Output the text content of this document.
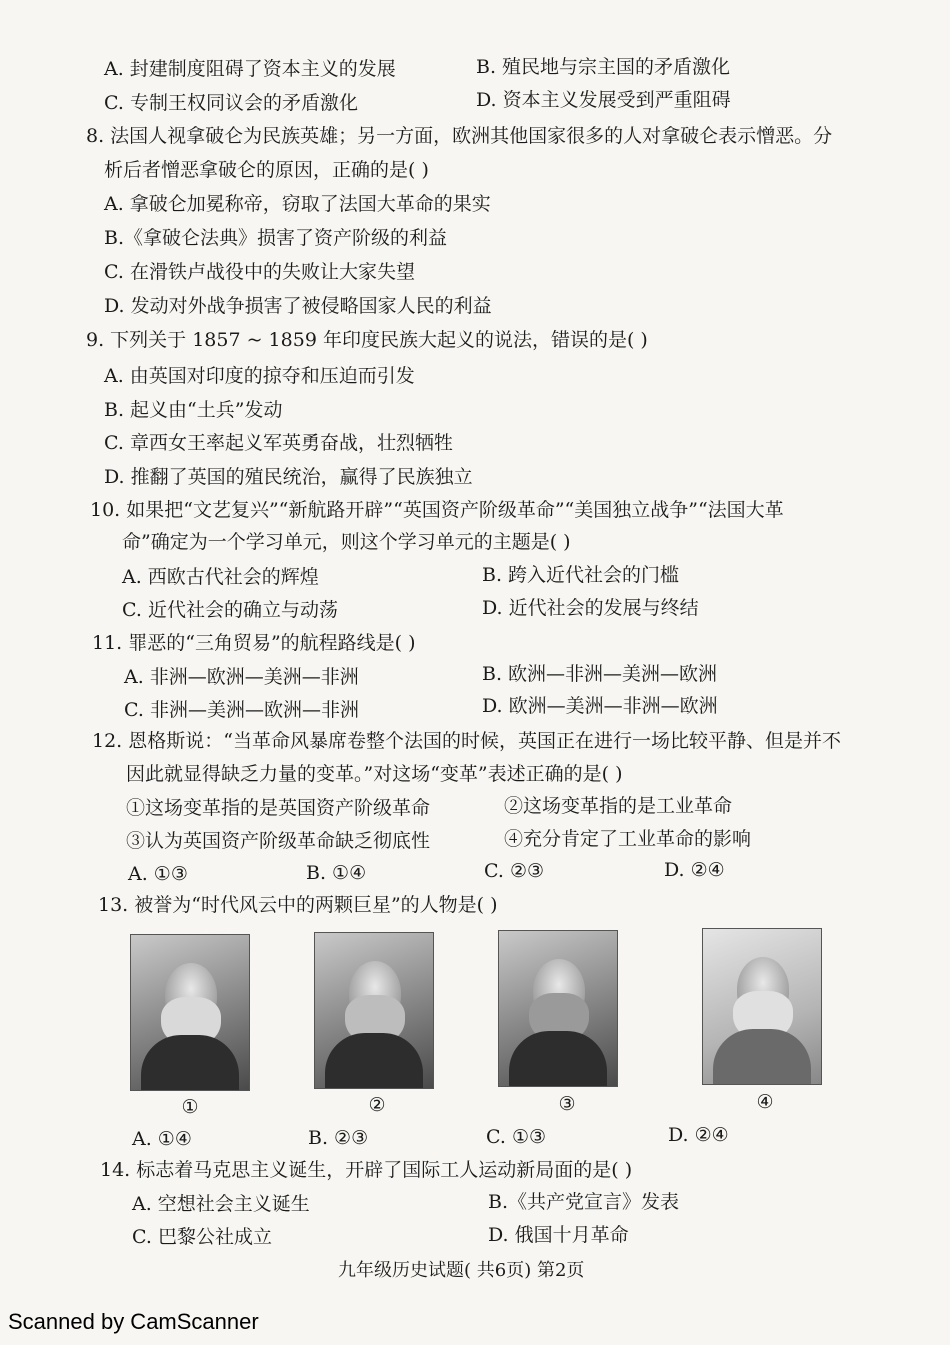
A. 封建制度阻碍了资本主义的发展	B. 殖民地与宗主国的矛盾激化
C. 专制王权同议会的矛盾激化	D. 资本主义发展受到严重阻碍
8. 法国人视拿破仑为民族英雄；另一方面，欧洲其他国家很多的人对拿破仑表示憎恶。分
析后者憎恶拿破仑的原因，正确的是( )
A. 拿破仑加冕称帝，窃取了法国大革命的果实
B.《拿破仑法典》损害了资产阶级的利益
C. 在滑铁卢战役中的失败让大家失望
D. 发动对外战争损害了被侵略国家人民的利益
9. 下列关于 1857 ~ 1859 年印度民族大起义的说法，错误的是( )
A. 由英国对印度的掠夺和压迫而引发
B. 起义由“土兵”发动
C. 章西女王率起义军英勇奋战，壮烈牺牲
D. 推翻了英国的殖民统治，赢得了民族独立
10. 如果把“文艺复兴”“新航路开辟”“英国资产阶级革命”“美国独立战争”“法国大革
命”确定为一个学习单元，则这个学习单元的主题是( )
A. 西欧古代社会的辉煌	B. 跨入近代社会的门槛
C. 近代社会的确立与动荡	D. 近代社会的发展与终结
11. 罪恶的“三角贸易”的航程路线是( )
A. 非洲—欧洲—美洲—非洲	B. 欧洲—非洲—美洲—欧洲
C. 非洲—美洲—欧洲—非洲	D. 欧洲—美洲—非洲—欧洲
12. 恩格斯说：“当革命风暴席卷整个法国的时候，英国正在进行一场比较平静、但是并不
因此就显得缺乏力量的变革。”对这场“变革”表述正确的是( )
①这场变革指的是英国资产阶级革命	②这场变革指的是工业革命
③认为英国资产阶级革命缺乏彻底性	④充分肯定了工业革命的影响
A. ①③	B. ①④	C. ②③	D. ②④
13. 被誉为“时代风云中的两颗巨星”的人物是( )
①	②	③	④
A. ①④	B. ②③	C. ①③	D. ②④
14. 标志着马克思主义诞生，开辟了国际工人运动新局面的是( )
A. 空想社会主义诞生	B.《共产党宣言》发表
C. 巴黎公社成立	D. 俄国十月革命
九年级历史试题( 共6页) 第2页
Scanned by CamScanner
